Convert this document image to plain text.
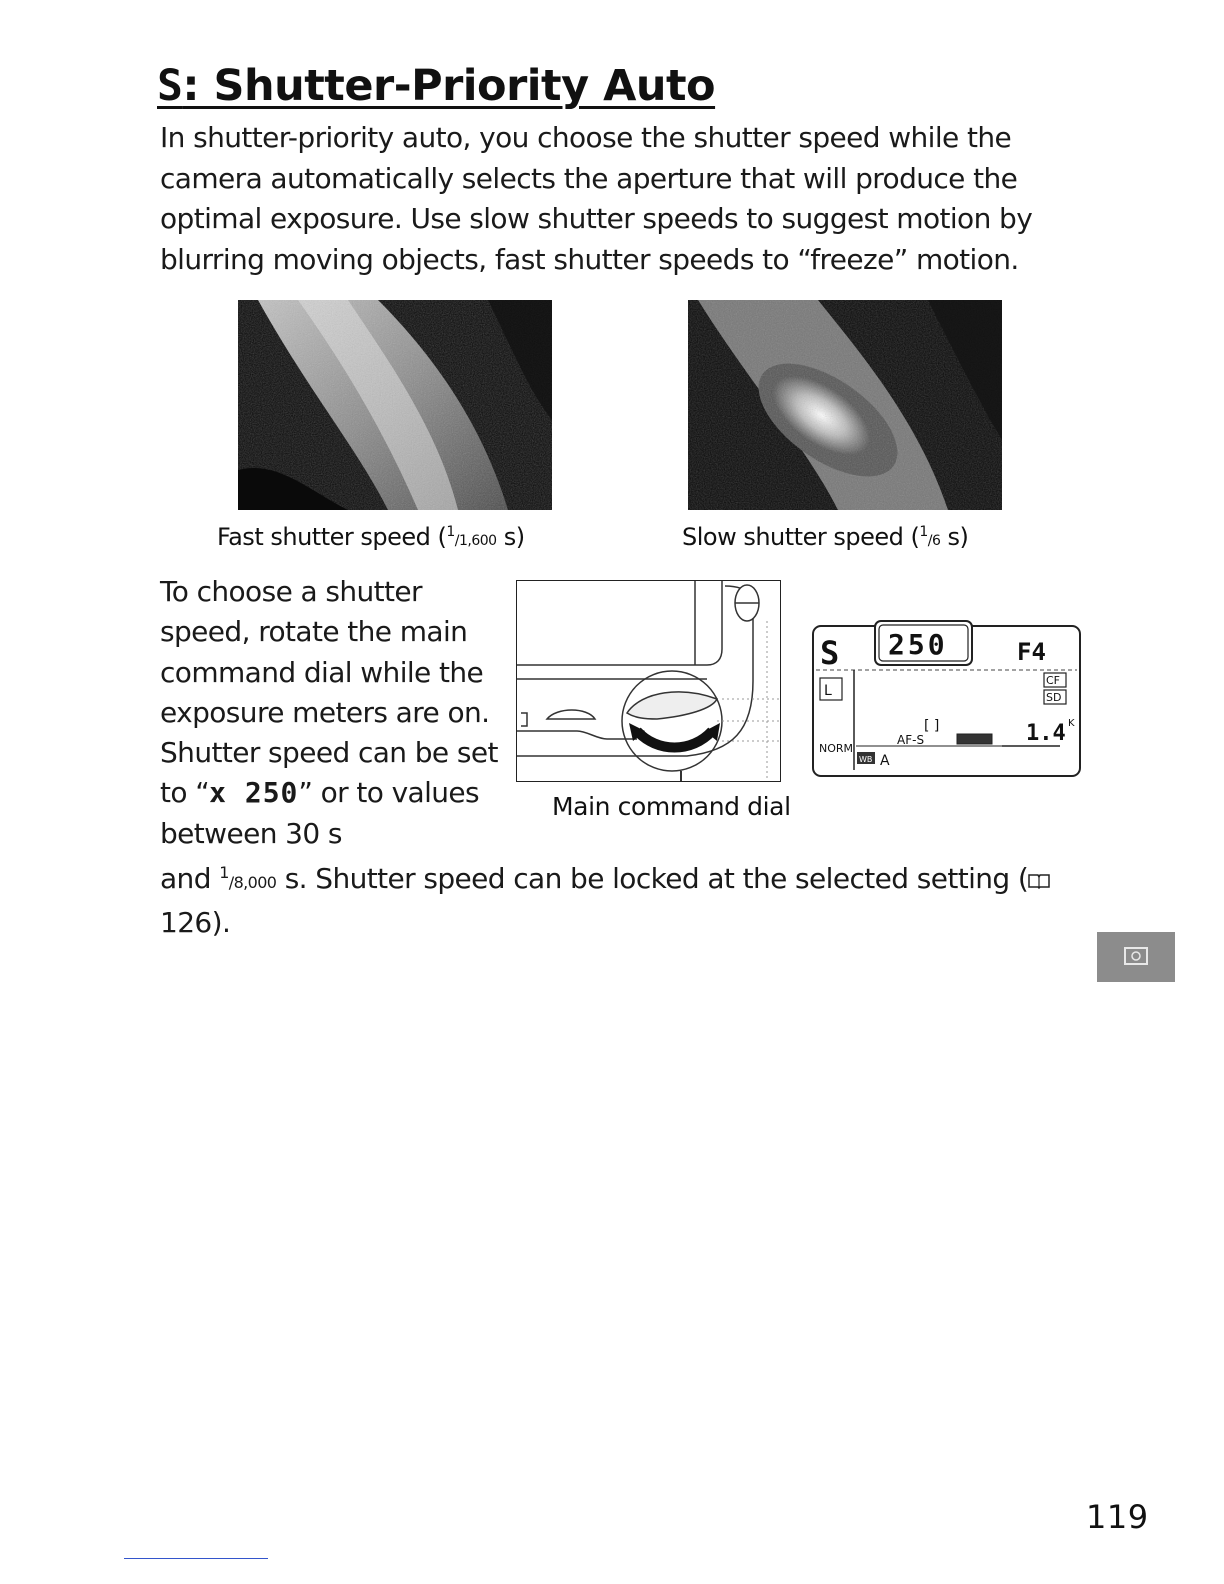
S: Shutter-Priority Auto

In shutter-priority auto, you choose the shutter speed while the camera automatically selects the aperture that will produce the optimal exposure. Use slow shutter speeds to suggest motion by blurring moving objects, fast shutter speeds to “freeze” motion.

Fast shutter speed ($^1$/1,600 s)	Slow shutter speed ($^1$/6 s)

To choose a shutter speed, rotate the main command dial while the exposure meters are on. Shutter speed can be set to “x 250” or to values between 30 s

and $^1$/8,000 s. Shutter speed can be locked at the selected setting (126).

Main command dial

S 250	F4
CF
SD
L
NORM
[ ]
AF-S	1.4 K
WB A

119
